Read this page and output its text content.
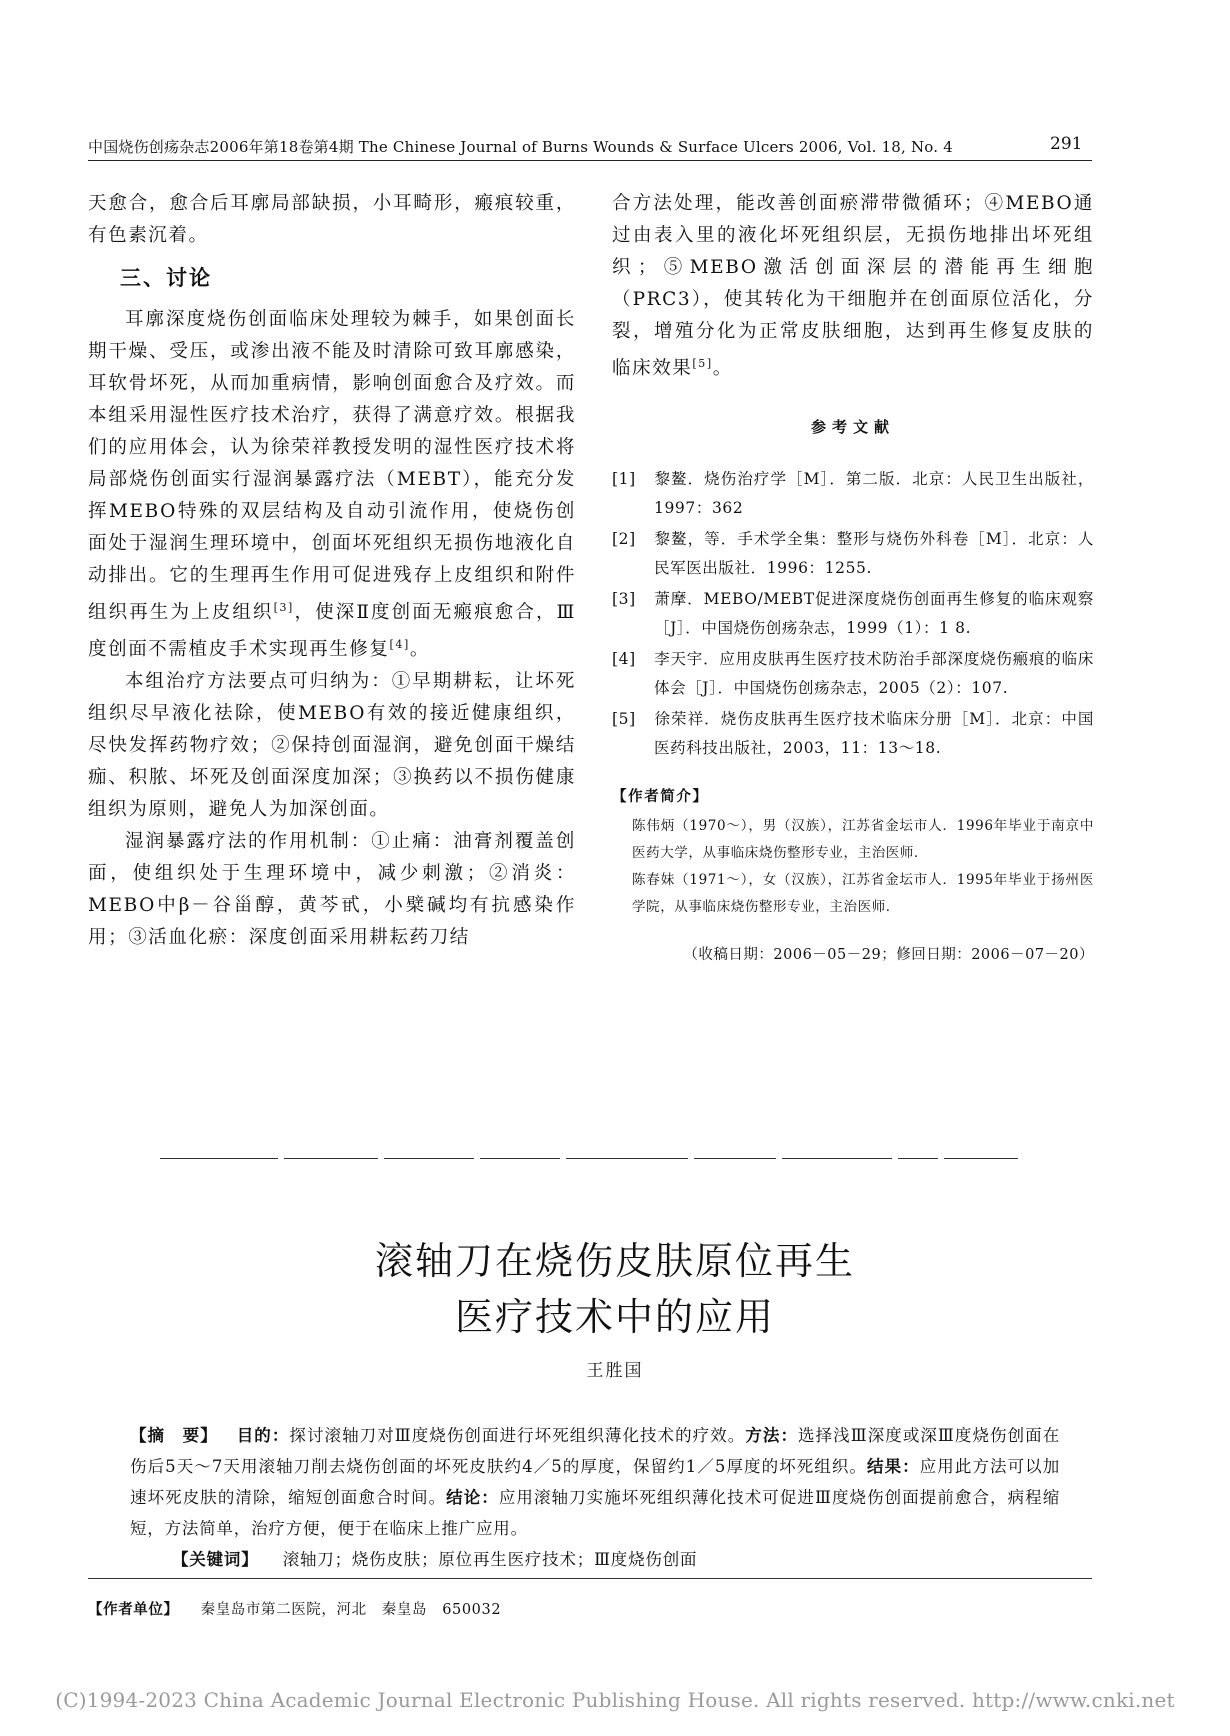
中国烧伤创疡杂志2006年第18卷第4期 The Chinese Journal of Burns Wounds & Surface Ulcers 2006, Vol. 18, No. 4	291

天愈合，愈合后耳廓局部缺损，小耳畸形，瘢痕较重，有色素沉着。

三、讨论

耳廓深度烧伤创面临床处理较为棘手，如果创面长期干燥、受压，或渗出液不能及时清除可致耳廓感染，耳软骨坏死，从而加重病情，影响创面愈合及疗效。而本组采用湿性医疗技术治疗，获得了满意疗效。根据我们的应用体会，认为徐荣祥教授发明的湿性医疗技术将局部烧伤创面实行湿润暴露疗法（MEBT），能充分发挥MEBO特殊的双层结构及自动引流作用，使烧伤创面处于湿润生理环境中，创面坏死组织无损伤地液化自动排出。它的生理再生作用可促进残存上皮组织和附件组织再生为上皮组织[3]，使深Ⅱ度创面无瘢痕愈合，Ⅲ度创面不需植皮手术实现再生修复[4]。

本组治疗方法要点可归纳为：①早期耕耘，让坏死组织尽早液化祛除，使MEBO有效的接近健康组织，尽快发挥药物疗效；②保持创面湿润，避免创面干燥结痂、积脓、坏死及创面深度加深；③换药以不损伤健康组织为原则，避免人为加深创面。

湿润暴露疗法的作用机制：①止痛：油膏剂覆盖创面，使组织处于生理环境中，减少刺激；②消炎：MEBO中β－谷甾醇，黄芩甙，小檗碱均有抗感染作用；③活血化瘀：深度创面采用耕耘药刀结

合方法处理，能改善创面瘀滞带微循环；④MEBO通过由表入里的液化坏死组织层，无损伤地排出坏死组织；⑤MEBO激活创面深层的潜能再生细胞（PRC3），使其转化为干细胞并在创面原位活化，分裂，增殖分化为正常皮肤细胞，达到再生修复皮肤的临床效果[5]。

参考文献

[1] 黎鳌．烧伤治疗学［M］．第二版．北京：人民卫生出版社，1997：362

[2] 黎鳌，等．手术学全集：整形与烧伤外科卷［M］．北京：人民军医出版社．1996：1255.

[3] 萧摩．MEBO/MEBT促进深度烧伤创面再生修复的临床观察［J］．中国烧伤创疡杂志，1999（1）：1 8.

[4] 李天宇．应用皮肤再生医疗技术防治手部深度烧伤瘢痕的临床体会［J］．中国烧伤创疡杂志，2005（2）：107.

[5] 徐荣祥．烧伤皮肤再生医疗技术临床分册［M］．北京：中国医药科技出版社，2003，11：13～18.

【作者简介】

陈伟炳（1970～），男（汉族），江苏省金坛市人．1996年毕业于南京中医药大学，从事临床烧伤整形专业，主治医师．

陈春妹（1971～），女（汉族），江苏省金坛市人．1995年毕业于扬州医学院，从事临床烧伤整形专业，主治医师．

（收稿日期：2006－05－29；修回日期：2006－07－20）

滚轴刀在烧伤皮肤原位再生
医疗技术中的应用
王胜国

【摘　要】 目的：探讨滚轴刀对Ⅲ度烧伤创面进行坏死组织薄化技术的疗效。方法：选择浅Ⅲ深度或深Ⅲ度烧伤创面在伤后5天～7天用滚轴刀削去烧伤创面的坏死皮肤约4／5的厚度，保留约1／5厚度的坏死组织。结果：应用此方法可以加速坏死皮肤的清除，缩短创面愈合时间。结论：应用滚轴刀实施坏死组织薄化技术可促进Ⅲ度烧伤创面提前愈合，病程缩短，方法简单，治疗方便，便于在临床上推广应用。

【关键词】 滚轴刀；烧伤皮肤；原位再生医疗技术；Ⅲ度烧伤创面
【作者单位】 秦皇岛市第二医院，河北　秦皇岛　650032
(C)1994-2023 China Academic Journal Electronic Publishing House. All rights reserved. http://www.cnki.net
